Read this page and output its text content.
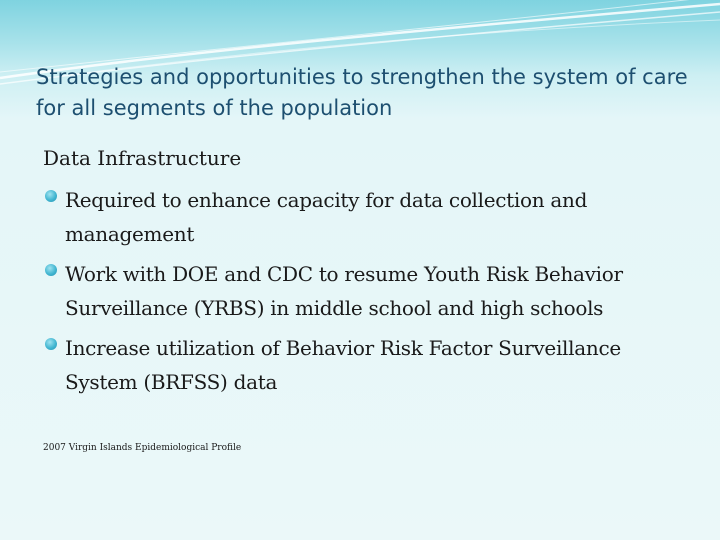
Strategies and opportunities to strengthen the system of care for all segments of the population

Data Infrastructure

Required to enhance capacity for data collection and management
Work with DOE and CDC to resume Youth Risk Behavior Surveillance (YRBS) in middle school and high schools
Increase utilization of Behavior Risk Factor Surveillance System (BRFSS) data
2007 Virgin Islands Epidemiological Profile
